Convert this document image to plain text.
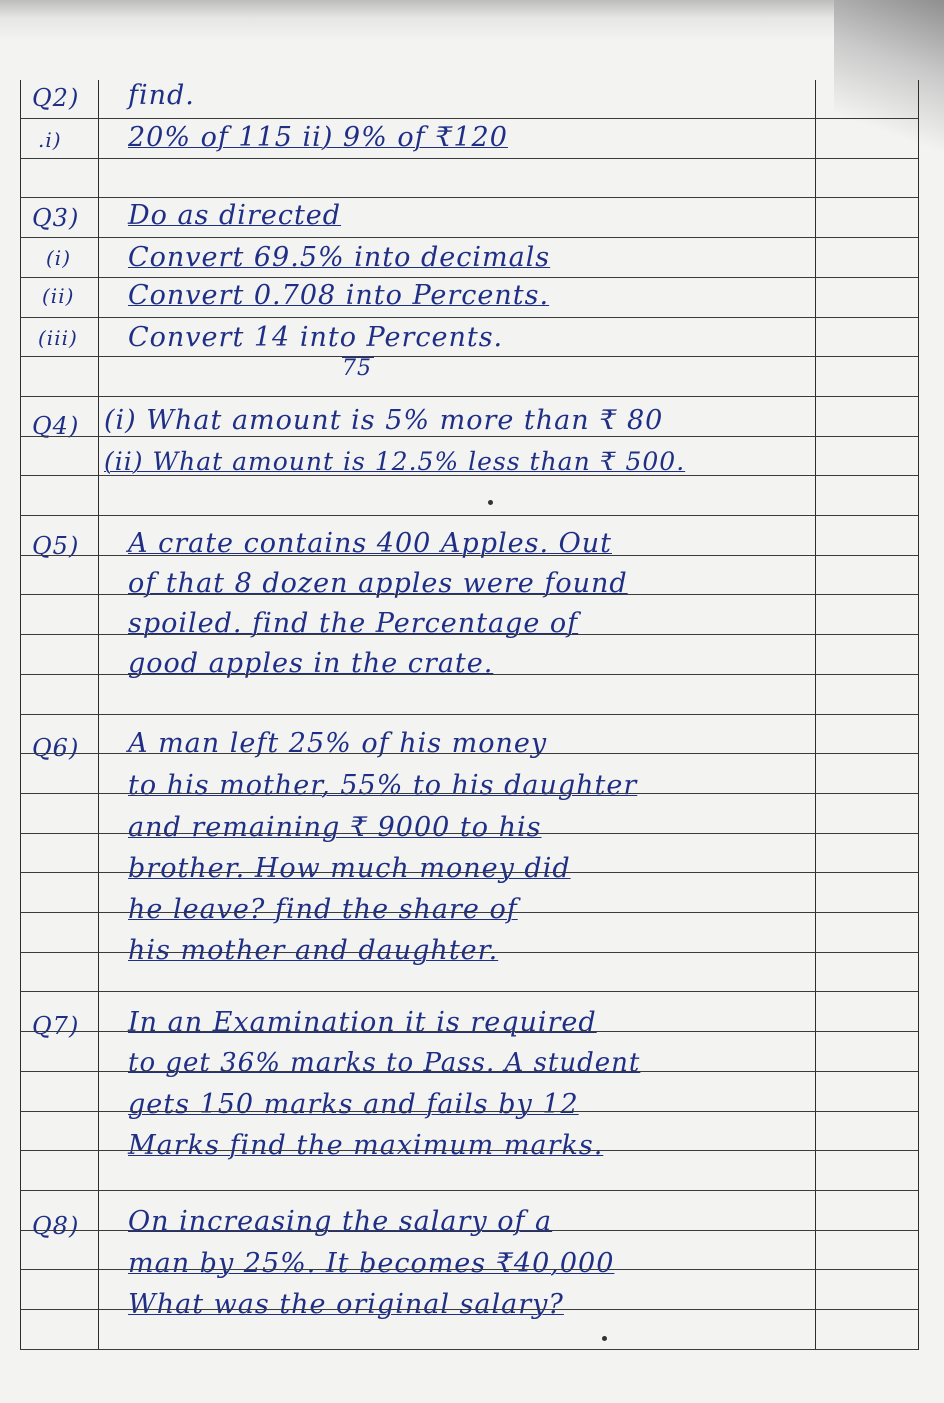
Q2) find.
.i) 20% of 115 ii) 9% of ₹120
Q3) Do as directed
(i) Convert 69.5% into decimals
(ii) Convert 0.708 into Percents.
(iii) Convert 14 into Percents.
75
Q4) (i) What amount is 5% more than ₹ 80
(ii) What amount is 12.5% less than ₹ 500.
Q5) A crate contains 400 Apples. Out
of that 8 dozen apples were found
spoiled. find the Percentage of
good apples in the crate.
Q6) A man left 25% of his money
to his mother, 55% to his daughter
and remaining ₹ 9000 to his
brother. How much money did
he leave? find the share of
his mother and daughter.
Q7) In an Examination it is required
to get 36% marks to Pass. A student
gets 150 marks and fails by 12
Marks find the maximum marks.
Q8) On increasing the salary of a
man by 25%. It becomes ₹40,000
What was the original salary?
